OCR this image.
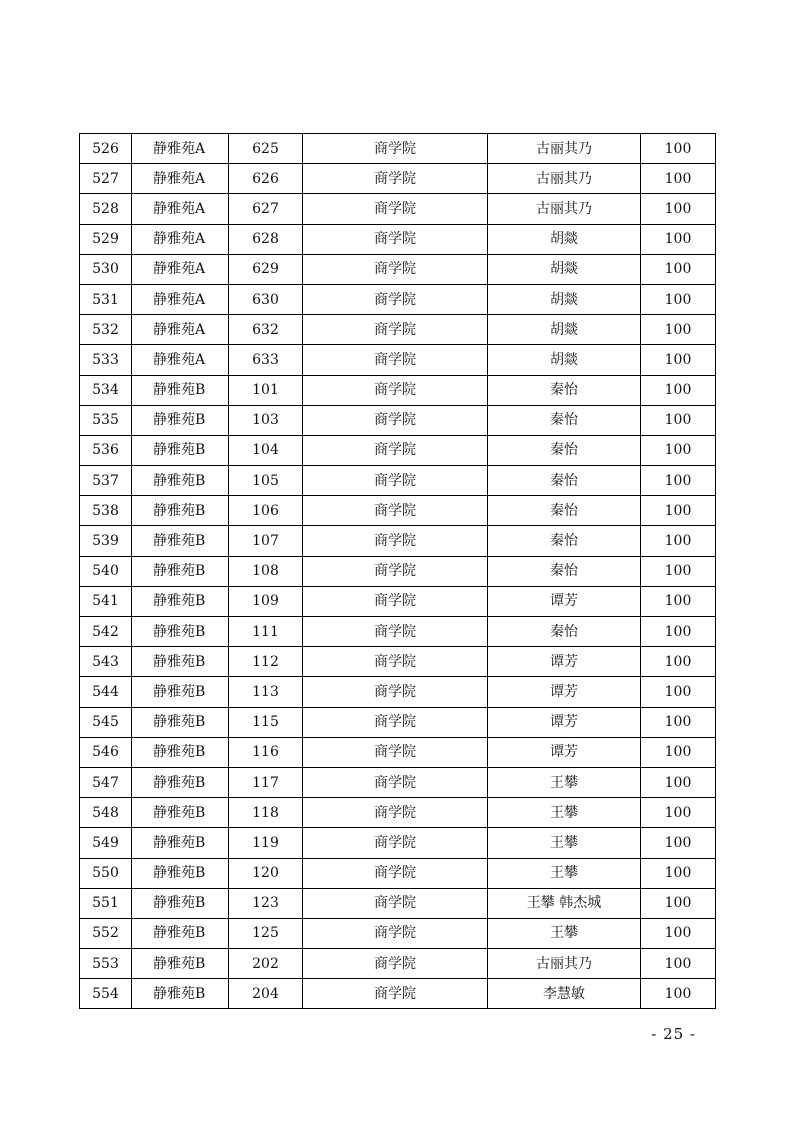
526	静雅苑A	625	商学院	古丽其乃	100
527	静雅苑A	626	商学院	古丽其乃	100
528	静雅苑A	627	商学院	古丽其乃	100
529	静雅苑A	628	商学院	胡燚	100
530	静雅苑A	629	商学院	胡燚	100
531	静雅苑A	630	商学院	胡燚	100
532	静雅苑A	632	商学院	胡燚	100
533	静雅苑A	633	商学院	胡燚	100
534	静雅苑B	101	商学院	秦怡	100
535	静雅苑B	103	商学院	秦怡	100
536	静雅苑B	104	商学院	秦怡	100
537	静雅苑B	105	商学院	秦怡	100
538	静雅苑B	106	商学院	秦怡	100
539	静雅苑B	107	商学院	秦怡	100
540	静雅苑B	108	商学院	秦怡	100
541	静雅苑B	109	商学院	谭芳	100
542	静雅苑B	111	商学院	秦怡	100
543	静雅苑B	112	商学院	谭芳	100
544	静雅苑B	113	商学院	谭芳	100
545	静雅苑B	115	商学院	谭芳	100
546	静雅苑B	116	商学院	谭芳	100
547	静雅苑B	117	商学院	王攀	100
548	静雅苑B	118	商学院	王攀	100
549	静雅苑B	119	商学院	王攀	100
550	静雅苑B	120	商学院	王攀	100
551	静雅苑B	123	商学院	王攀 韩杰城	100
552	静雅苑B	125	商学院	王攀	100
553	静雅苑B	202	商学院	古丽其乃	100
554	静雅苑B	204	商学院	李慧敏	100
- 25 -
